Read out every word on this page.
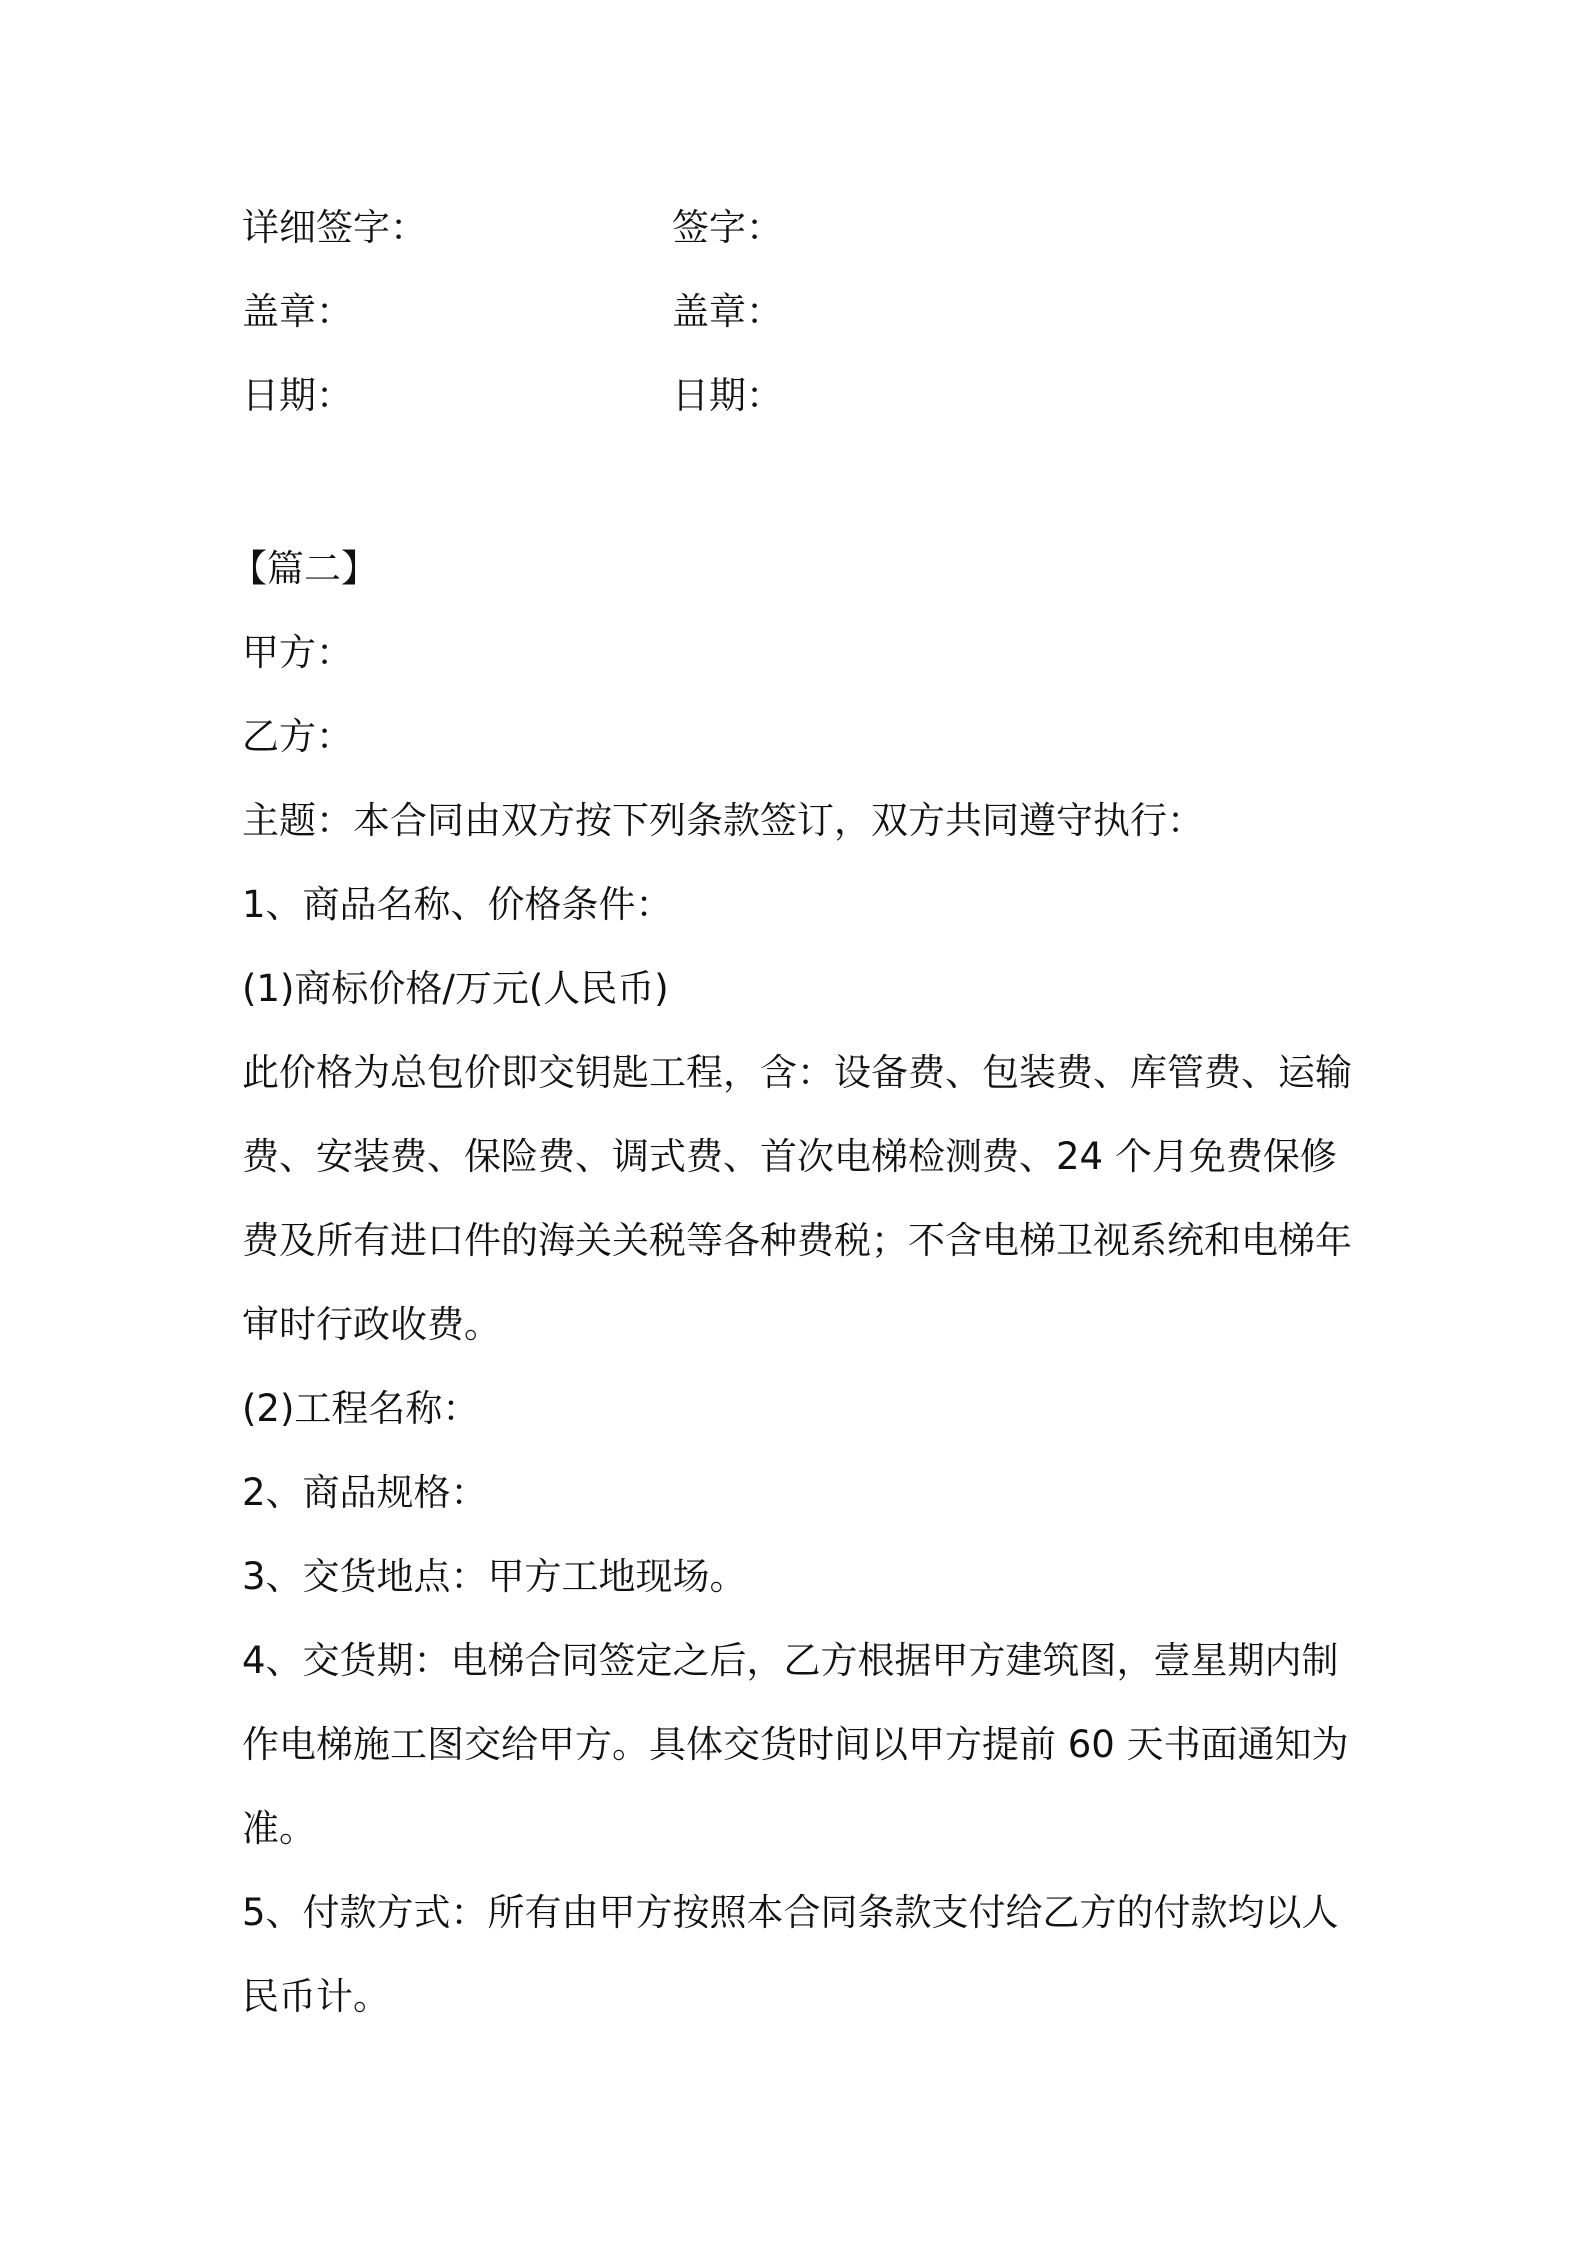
详细签字：	签字：
盖章：	盖章：
日期：	日期：

【篇二】

甲方：

乙方：

主题：本合同由双方按下列条款签订，双方共同遵守执行：

1、商品名称、价格条件：

(1)商标价格/万元(人民币)

此价格为总包价即交钥匙工程，含：设备费、包装费、库管费、运输

费、安装费、保险费、调式费、首次电梯检测费、24 个月免费保修

费及所有进口件的海关关税等各种费税；不含电梯卫视系统和电梯年

审时行政收费。

(2)工程名称：

2、商品规格：

3、交货地点：甲方工地现场。

4、交货期：电梯合同签定之后，乙方根据甲方建筑图，壹星期内制

作电梯施工图交给甲方。具体交货时间以甲方提前 60 天书面通知为

准。

5、付款方式：所有由甲方按照本合同条款支付给乙方的付款均以人

民币计。
